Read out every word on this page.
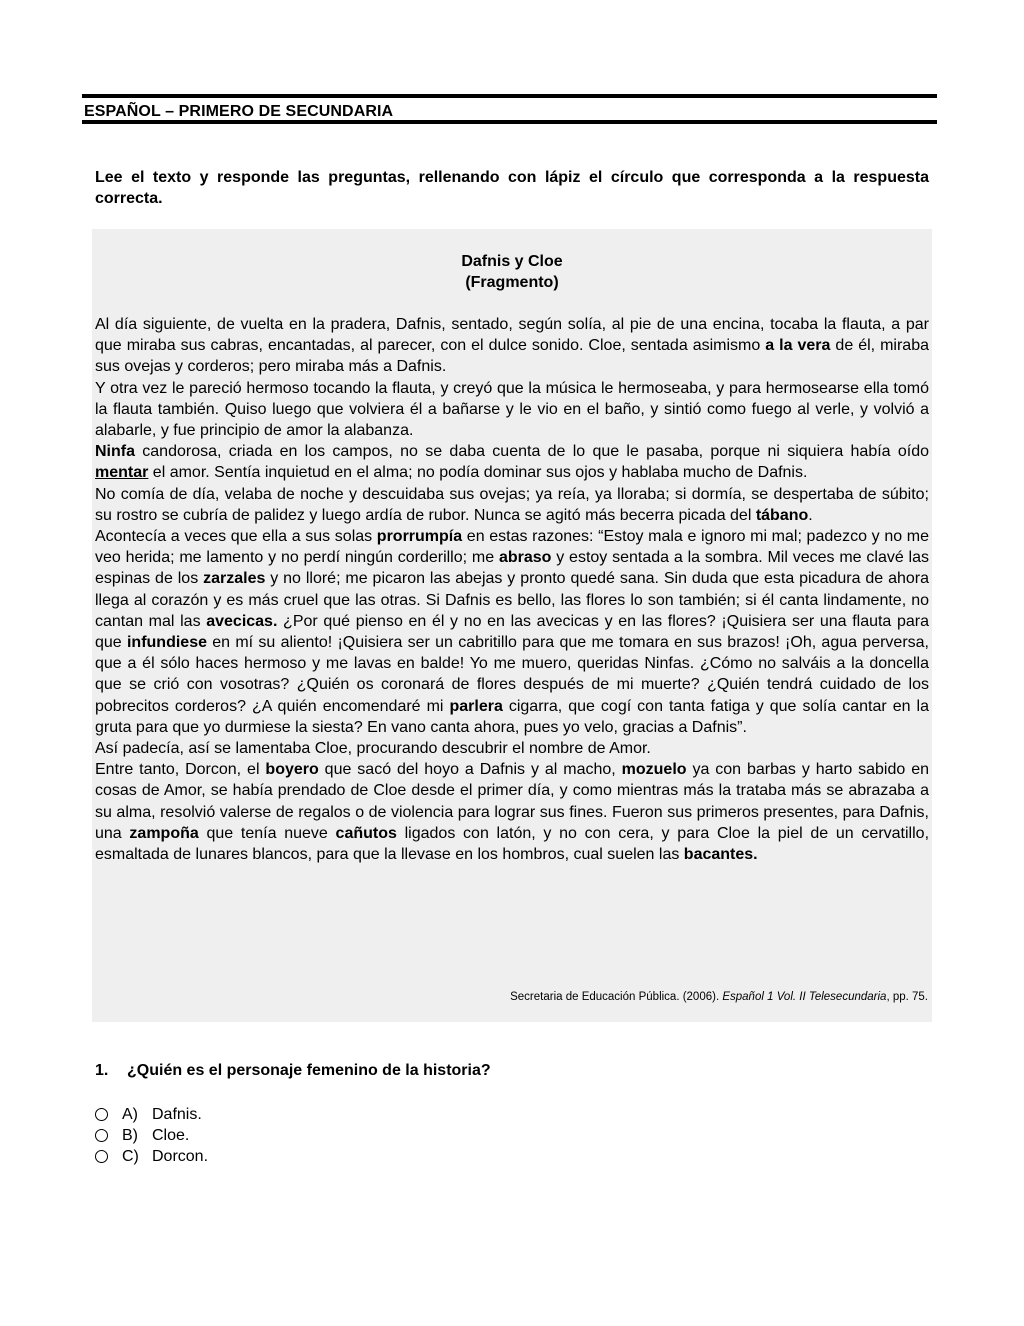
ESPAÑOL – PRIMERO DE SECUNDARIA
Lee el texto y responde las preguntas, rellenando con lápiz el círculo que corresponda a la respuesta correcta.
Dafnis y Cloe
(Fragmento)

Al día siguiente, de vuelta en la pradera, Dafnis, sentado, según solía, al pie de una encina, tocaba la flauta, a par que miraba sus cabras, encantadas, al parecer, con el dulce sonido. Cloe, sentada asimismo a la vera de él, miraba sus ovejas y corderos; pero miraba más a Dafnis.

Y otra vez le pareció hermoso tocando la flauta, y creyó que la música le hermoseaba, y para hermosearse ella tomó la flauta también. Quiso luego que volviera él a bañarse y le vio en el baño, y sintió como fuego al verle, y volvió a alabarle, y fue principio de amor la alabanza.

Ninfa candorosa, criada en los campos, no se daba cuenta de lo que le pasaba, porque ni siquiera había oído mentar el amor. Sentía inquietud en el alma; no podía dominar sus ojos y hablaba mucho de Dafnis.

No comía de día, velaba de noche y descuidaba sus ovejas; ya reía, ya lloraba; si dormía, se despertaba de súbito; su rostro se cubría de palidez y luego ardía de rubor. Nunca se agitó más becerra picada del tábano.

Acontecía a veces que ella a sus solas prorrumpía en estas razones: “Estoy mala e ignoro mi mal; padezco y no me veo herida; me lamento y no perdí ningún corderillo; me abraso y estoy sentada a la sombra. Mil veces me clavé las espinas de los zarzales y no lloré; me picaron las abejas y pronto quedé sana. Sin duda que esta picadura de ahora llega al corazón y es más cruel que las otras. Si Dafnis es bello, las flores lo son también; si él canta lindamente, no cantan mal las avecicas. ¿Por qué pienso en él y no en las avecicas y en las flores? ¡Quisiera ser una flauta para que infundiese en mí su aliento! ¡Quisiera ser un cabritillo para que me tomara en sus brazos! ¡Oh, agua perversa, que a él sólo haces hermoso y me lavas en balde! Yo me muero, queridas Ninfas. ¿Cómo no salváis a la doncella que se crió con vosotras? ¿Quién os coronará de flores después de mi muerte? ¿Quién tendrá cuidado de los pobrecitos corderos? ¿A quién encomendaré mi parlera cigarra, que cogí con tanta fatiga y que solía cantar en la gruta para que yo durmiese la siesta? En vano canta ahora, pues yo velo, gracias a Dafnis”.

Así padecía, así se lamentaba Cloe, procurando descubrir el nombre de Amor.

Entre tanto, Dorcon, el boyero que sacó del hoyo a Dafnis y al macho, mozuelo ya con barbas y harto sabido en cosas de Amor, se había prendado de Cloe desde el primer día, y como mientras más la trataba más se abrazaba a su alma, resolvió valerse de regalos o de violencia para lograr sus fines. Fueron sus primeros presentes, para Dafnis, una zampoña que tenía nueve cañutos ligados con latón, y no con cera, y para Cloe la piel de un cervatillo, esmaltada de lunares blancos, para que la llevase en los hombros, cual suelen las bacantes.

Secretaria de Educación Pública. (2006). Español 1 Vol. II Telesecundaria, pp. 75.
1. ¿Quién es el personaje femenino de la historia?
A) Dafnis.
B) Cloe.
C) Dorcon.
